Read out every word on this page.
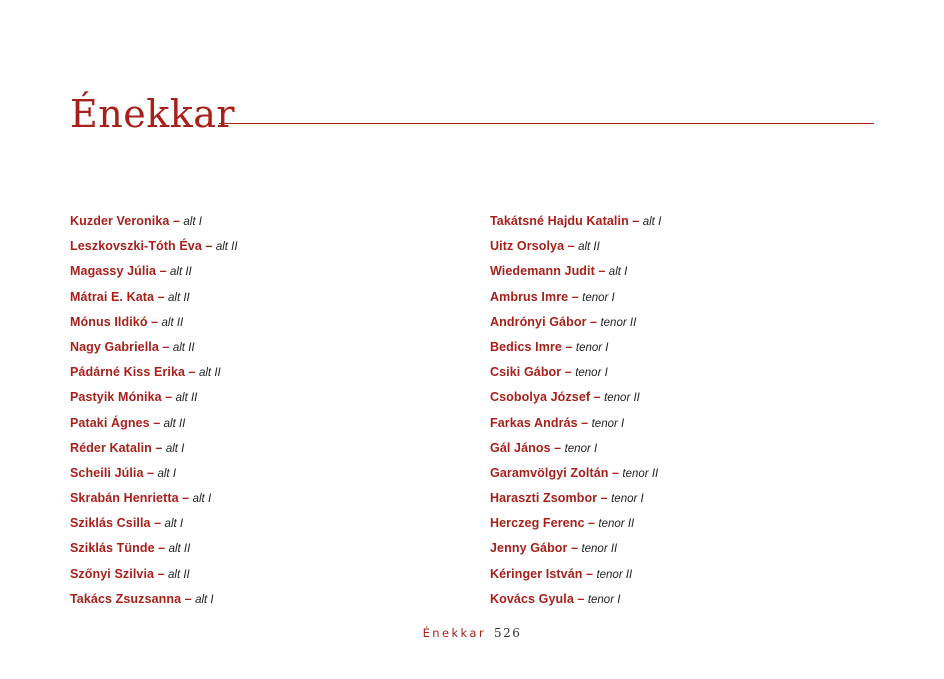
Énekkar
Kuzder Veronika – alt I
Leszkovszki-Tóth Éva – alt II
Magassy Júlia – alt II
Mátrai E. Kata – alt II
Mónus Ildikó – alt II
Nagy Gabriella – alt II
Pádárné Kiss Erika – alt II
Pastyik Mónika – alt II
Pataki Ágnes – alt II
Réder Katalin – alt I
Scheili Júlia – alt I
Skrabán Henrietta – alt I
Sziklás Csilla – alt I
Sziklás Tünde – alt II
Szőnyi Szilvia – alt II
Takács Zsuzsanna – alt I
Takátsné Hajdu Katalin – alt I
Uitz Orsolya – alt II
Wiedemann Judit – alt I
Ambrus Imre – tenor I
Andrónyi Gábor – tenor II
Bedics Imre – tenor I
Csiki Gábor – tenor I
Csobolya József – tenor II
Farkas András – tenor I
Gál János – tenor I
Garamvölgyi Zoltán – tenor II
Haraszti Zsombor – tenor I
Herczeg Ferenc – tenor II
Jenny Gábor – tenor II
Kéringer István – tenor II
Kovács Gyula – tenor I
Énekkar 526
